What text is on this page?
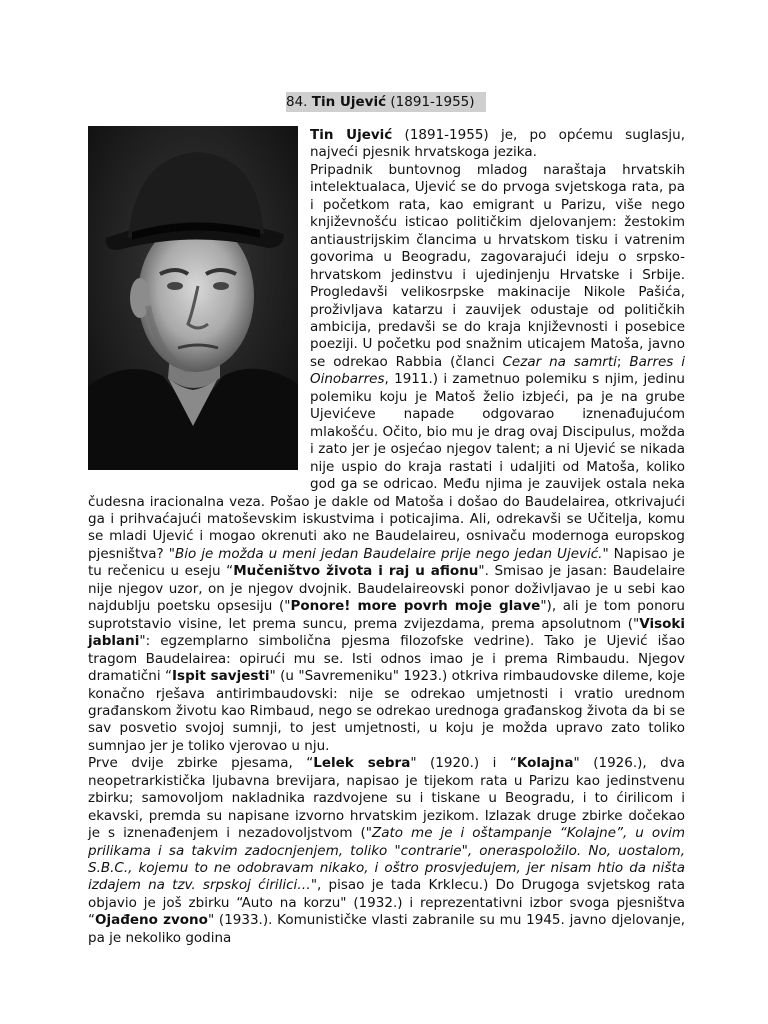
84. Tin Ujević (1891-1955)

Tin Ujević (1891-1955) je, po općemu suglasju, najveći pjesnik hrvatskoga jezika.

Pripadnik buntovnog mladog naraštaja hrvatskih intelektualaca, Ujević se do prvoga svjetskoga rata, pa i početkom rata, kao emigrant u Parizu, više nego književnošću isticao političkim djelovanjem: žestokim antiaustrijskim člancima u hrvatskom tisku i vatrenim govorima u Beogradu, zagovarajući ideju o srpsko-hrvatskom jedinstvu i ujedinjenju Hrvatske i Srbije. Progledavši velikosrpske makinacije Nikole Pašića, proživljava katarzu i zauvijek odustaje od političkih ambicija, predavši se do kraja književnosti i posebice poeziji. U početku pod snažnim uticajem Matoša, javno se odrekao Rabbia (članci Cezar na samrti; Barres i Oinobarres, 1911.) i zametnuo polemiku s njim, jedinu polemiku koju je Matoš želio izbjeći, pa je na grube Ujevićeve napade odgovarao iznenađujućom mlakošću. Očito, bio mu je drag ovaj Discipulus, možda i zato jer je osjećao njegov talent; a ni Ujević se nikada nije uspio do kraja rastati i udaljiti od Matoša, koliko god ga se odricao. Među njima je zauvijek ostala neka čudesna iracionalna veza. Pošao je dakle od Matoša i došao do Baudelairea, otkrivajući ga i prihvaćajući matoševskim iskustvima i poticajima. Ali, odrekavši se Učitelja, komu se mladi Ujević i mogao okrenuti ako ne Baudelaireu, osnivaču modernoga europskog pjesništva? "Bio je možda u meni jedan Baudelaire prije nego jedan Ujević." Napisao je tu rečenicu u eseju “Mučeništvo života i raj u afionu". Smisao je jasan: Baudelaire nije njegov uzor, on je njegov dvojnik. Baudelaireovski ponor doživljavao je u sebi kao najdublju poetsku opsesiju ("Ponore! more povrh moje glave"), ali je tom ponoru suprotstavio visine, let prema suncu, prema zvijezdama, prema apsolutnom ("Visoki jablani": egzemplarno simbolična pjesma filozofske vedrine). Tako je Ujević išao tragom Baudelairea: opirući mu se. Isti odnos imao je i prema Rimbaudu. Njegov dramatični “Ispit savjesti" (u "Savremeniku" 1923.) otkriva rimbaudovske dileme, koje konačno rješava antirimbaudovski: nije se odrekao umjetnosti i vratio urednom građanskom životu kao Rimbaud, nego se odrekao urednoga građanskog života da bi se sav posvetio svojoj sumnji, to jest umjetnosti, u koju je možda upravo zato toliko sumnjao jer je toliko vjerovao u nju.

Prve dvije zbirke pjesama, “Lelek sebra" (1920.) i “Kolajna" (1926.), dva neopetrarkistička ljubavna brevijara, napisao je tijekom rata u Parizu kao jedinstvenu zbirku; samovoljom nakladnika razdvojene su i tiskane u Beogradu, i to ćirilicom i ekavski, premda su napisane izvorno hrvatskim jezikom. Izlazak druge zbirke dočekao je s iznenađenjem i nezadovoljstvom ("Zato me je i oštampanje “Kolajne”, u ovim prilikama i sa takvim zadocnjenjem, toliko "contrarie", oneraspoložilo. No, uostalom, S.B.C., kojemu to ne odobravam nikako, i oštro prosvjedujem, jer nisam htio da ništa izdajem na tzv. srpskoj ćirilici…", pisao je tada Krklecu.) Do Drugoga svjetskog rata objavio je još zbirku “Auto na korzu" (1932.) i reprezentativni izbor svoga pjesništva “Ojađeno zvono" (1933.). Komunističke vlasti zabranile su mu 1945. javno djelovanje, pa je nekoliko godina
